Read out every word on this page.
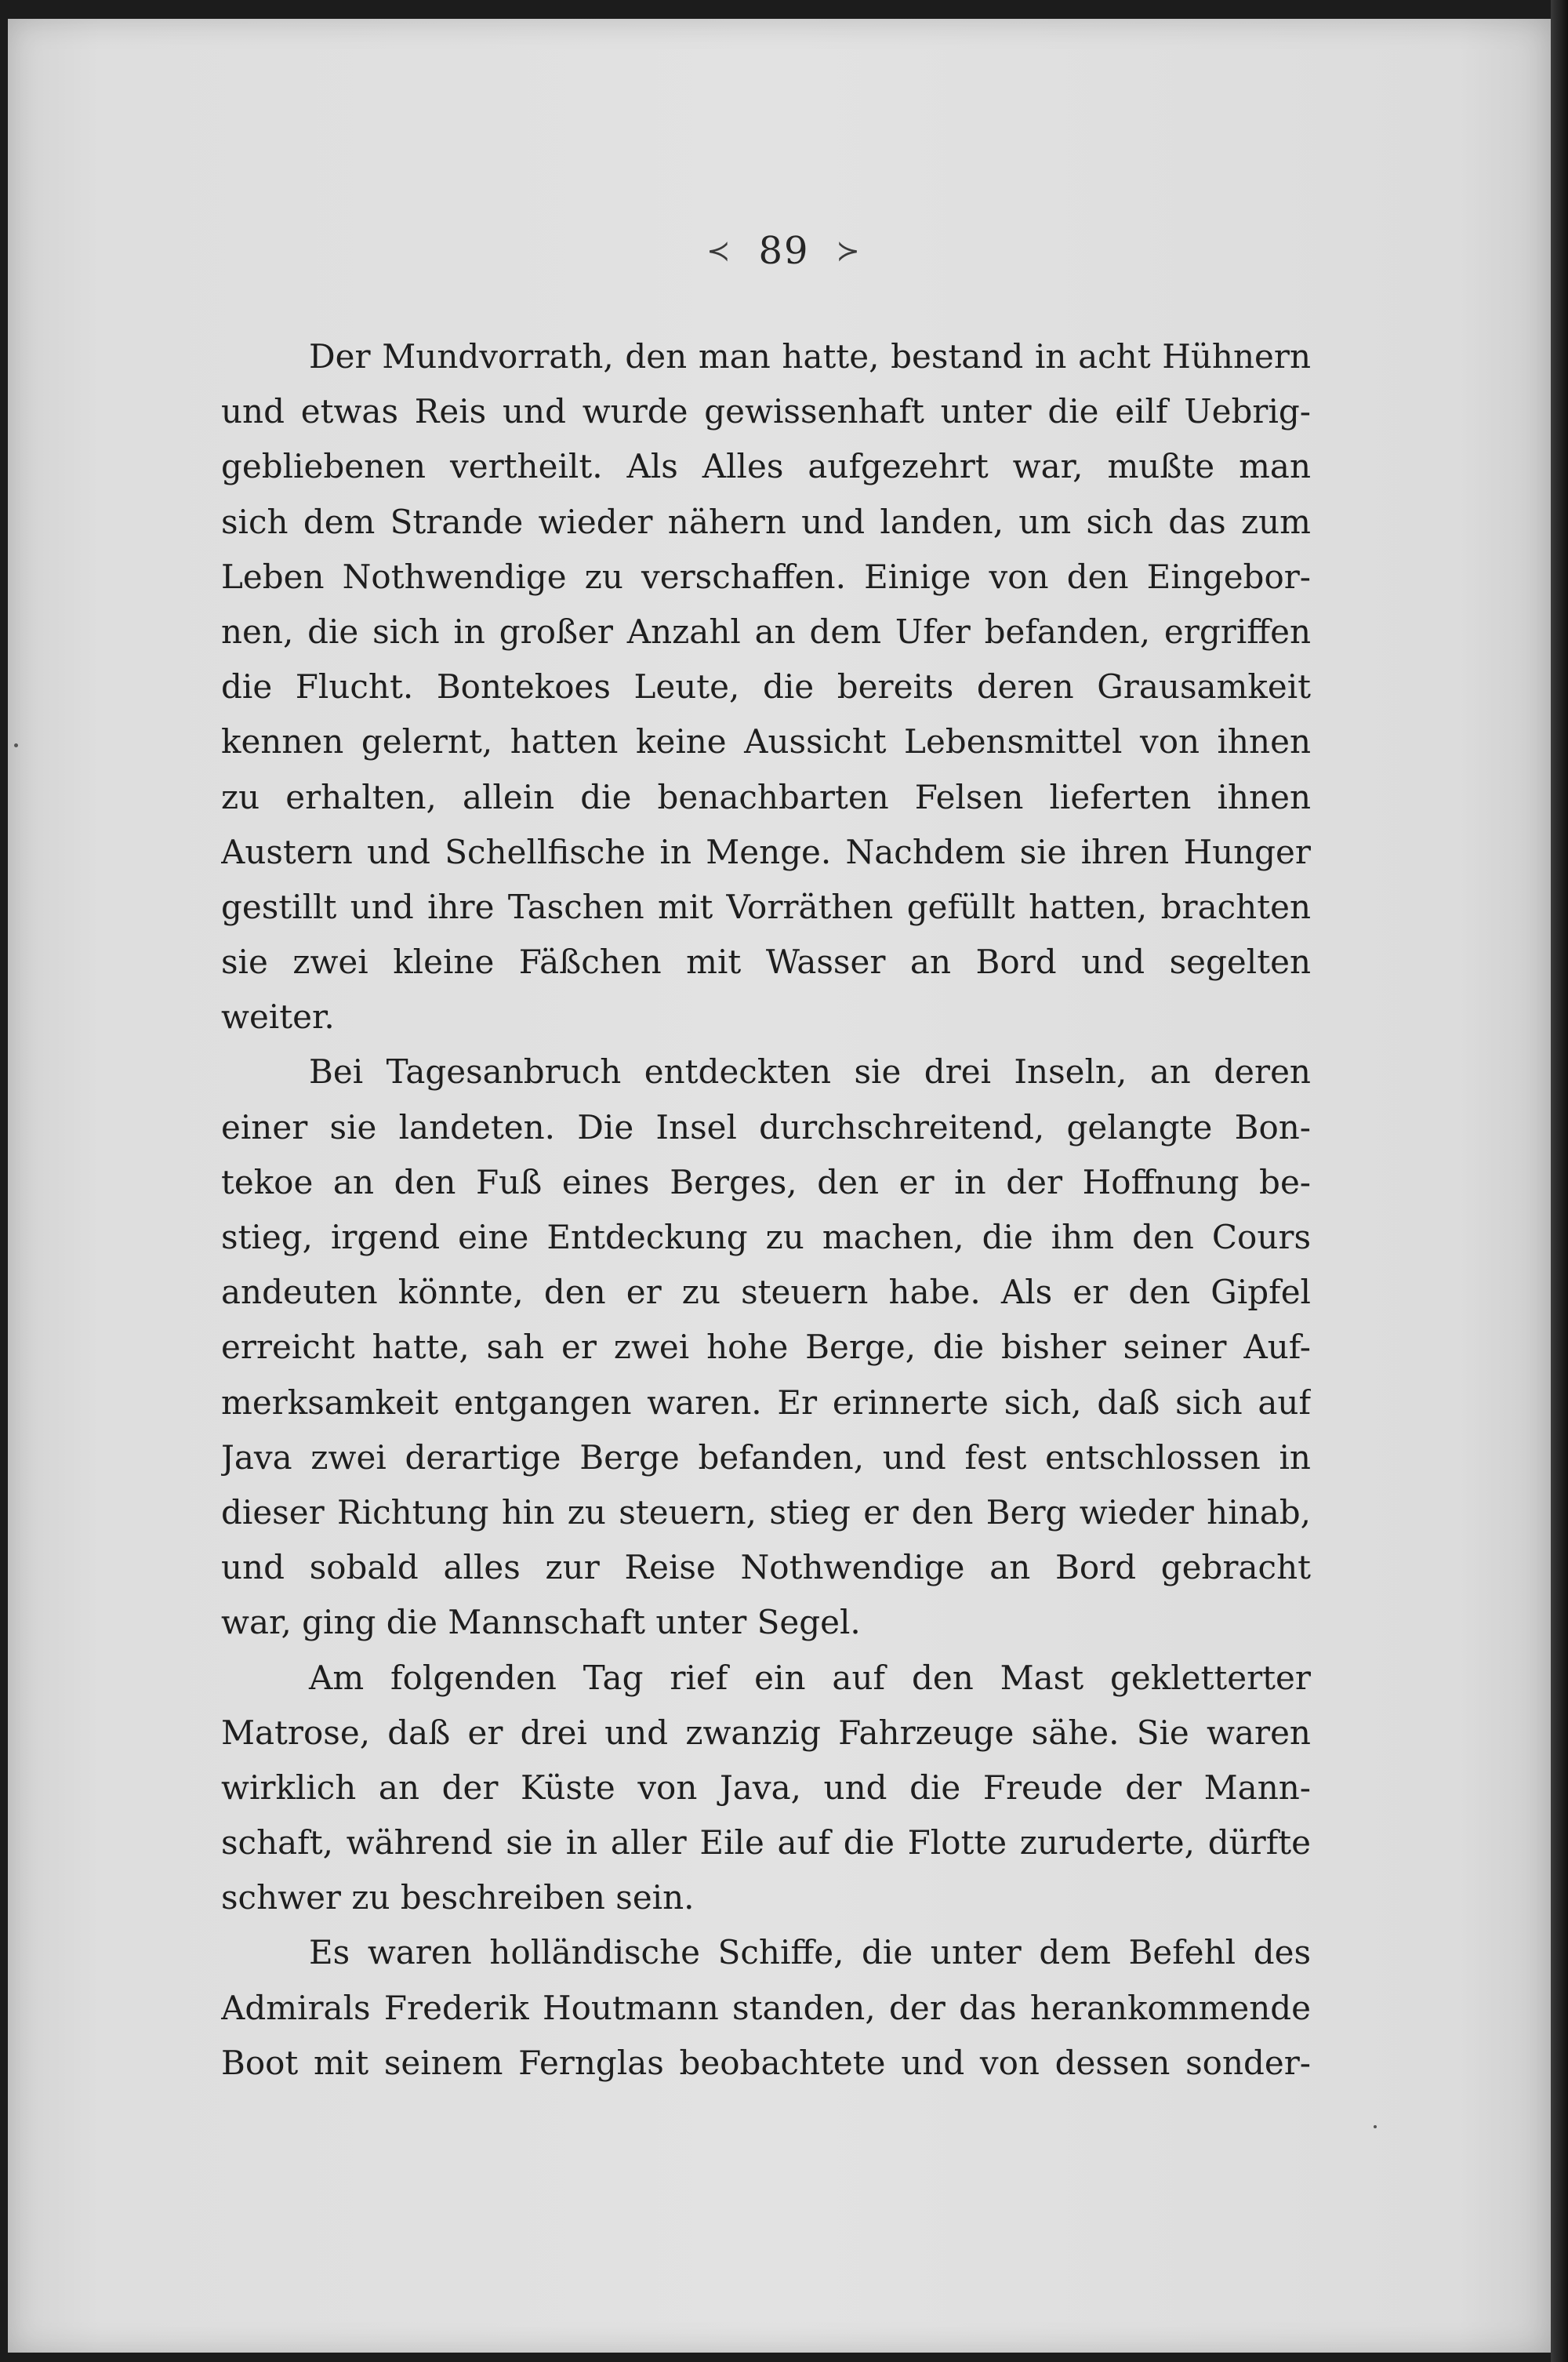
≺ 89 ≻
Der Mundvorrath, den man hatte, bestand in acht Hühnern
und etwas Reis und wurde gewissenhaft unter die eilf Uebrig-
gebliebenen vertheilt. Als Alles aufgezehrt war, mußte man
sich dem Strande wieder nähern und landen, um sich das zum
Leben Nothwendige zu verschaffen. Einige von den Eingebor-
nen, die sich in großer Anzahl an dem Ufer befanden, ergriffen
die Flucht. Bontekoes Leute, die bereits deren Grausamkeit
kennen gelernt, hatten keine Aussicht Lebensmittel von ihnen
zu erhalten, allein die benachbarten Felsen lieferten ihnen
Austern und Schellfische in Menge. Nachdem sie ihren Hunger
gestillt und ihre Taschen mit Vorräthen gefüllt hatten, brachten
sie zwei kleine Fäßchen mit Wasser an Bord und segelten
weiter.
Bei Tagesanbruch entdeckten sie drei Inseln, an deren
einer sie landeten. Die Insel durchschreitend, gelangte Bon-
tekoe an den Fuß eines Berges, den er in der Hoffnung be-
stieg, irgend eine Entdeckung zu machen, die ihm den Cours
andeuten könnte, den er zu steuern habe. Als er den Gipfel
erreicht hatte, sah er zwei hohe Berge, die bisher seiner Auf-
merksamkeit entgangen waren. Er erinnerte sich, daß sich auf
Java zwei derartige Berge befanden, und fest entschlossen in
dieser Richtung hin zu steuern, stieg er den Berg wieder hinab,
und sobald alles zur Reise Nothwendige an Bord gebracht
war, ging die Mannschaft unter Segel.
Am folgenden Tag rief ein auf den Mast gekletterter
Matrose, daß er drei und zwanzig Fahrzeuge sähe. Sie waren
wirklich an der Küste von Java, und die Freude der Mann-
schaft, während sie in aller Eile auf die Flotte zuruderte, dürfte
schwer zu beschreiben sein.
Es waren holländische Schiffe, die unter dem Befehl des
Admirals Frederik Houtmann standen, der das herankommende
Boot mit seinem Fernglas beobachtete und von dessen sonder-
